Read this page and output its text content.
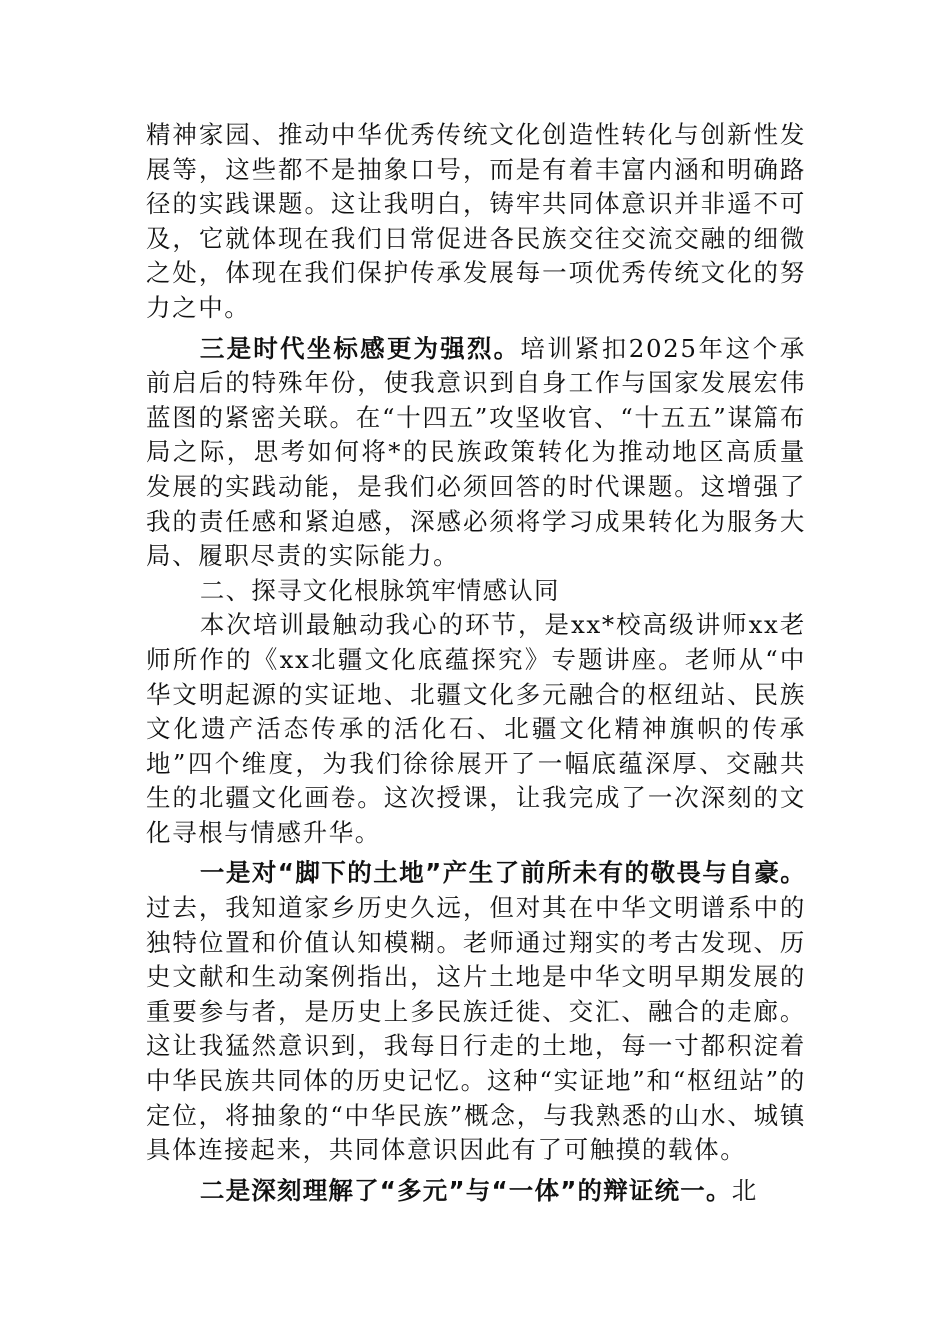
精神家园、推动中华优秀传统文化创造性转化与创新性发展等，这些都不是抽象口号，而是有着丰富内涵和明确路径的实践课题。这让我明白，铸牢共同体意识并非遥不可及，它就体现在我们日常促进各民族交往交流交融的细微之处，体现在我们保护传承发展每一项优秀传统文化的努力之中。

三是时代坐标感更为强烈。培训紧扣2025年这个承前启后的特殊年份，使我意识到自身工作与国家发展宏伟蓝图的紧密关联。在“十四五”攻坚收官、“十五五”谋篇布局之际，思考如何将*的民族政策转化为推动地区高质量发展的实践动能，是我们必须回答的时代课题。这增强了我的责任感和紧迫感，深感必须将学习成果转化为服务大局、履职尽责的实际能力。

二、探寻文化根脉筑牢情感认同

本次培训最触动我心的环节，是xx*校高级讲师xx老师所作的《xx北疆文化底蕴探究》专题讲座。老师从“中华文明起源的实证地、北疆文化多元融合的枢纽站、民族文化遗产活态传承的活化石、北疆文化精神旗帜的传承地”四个维度，为我们徐徐展开了一幅底蕴深厚、交融共生的北疆文化画卷。这次授课，让我完成了一次深刻的文化寻根与情感升华。

一是对“脚下的土地”产生了前所未有的敬畏与自豪。过去，我知道家乡历史久远，但对其在中华文明谱系中的独特位置和价值认知模糊。老师通过翔实的考古发现、历史文献和生动案例指出，这片土地是中华文明早期发展的重要参与者，是历史上多民族迁徙、交汇、融合的走廊。这让我猛然意识到，我每日行走的土地，每一寸都积淀着中华民族共同体的历史记忆。这种“实证地”和“枢纽站”的定位，将抽象的“中华民族”概念，与我熟悉的山水、城镇具体连接起来，共同体意识因此有了可触摸的载体。

二是深刻理解了“多元”与“一体”的辩证统一。北
